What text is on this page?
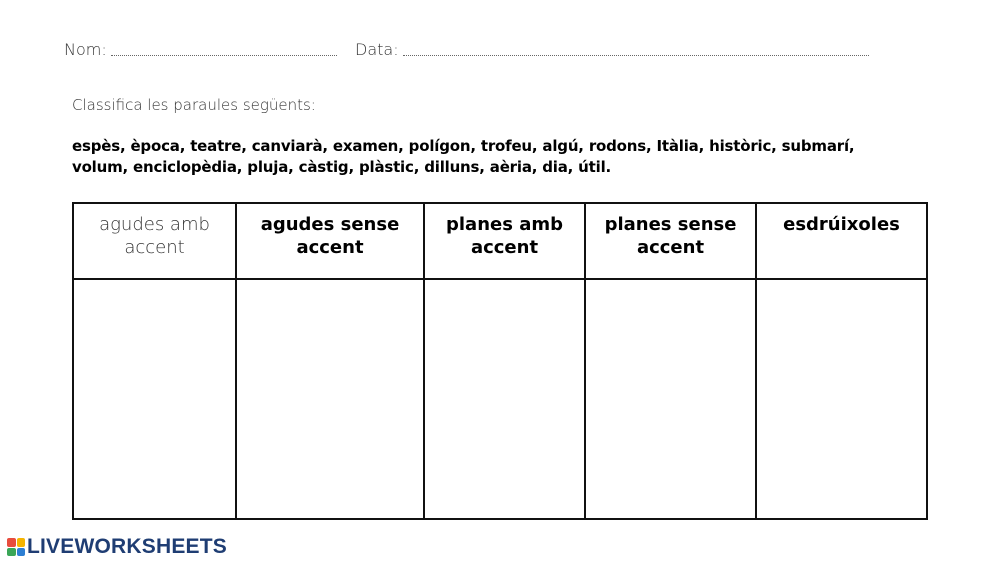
Nom:	Data:
Classifica les paraules següents:
espès, època, teatre, canviarà, examen, polígon, trofeu, algú, rodons, Itàlia, històric, submarí, volum, enciclopèdia, pluja, càstig, plàstic, dilluns, aèria, dia, útil.
agudes amb accent
agudes sense accent
planes amb accent
planes sense accent
esdrúixoles
LIVEWORKSHEETS
